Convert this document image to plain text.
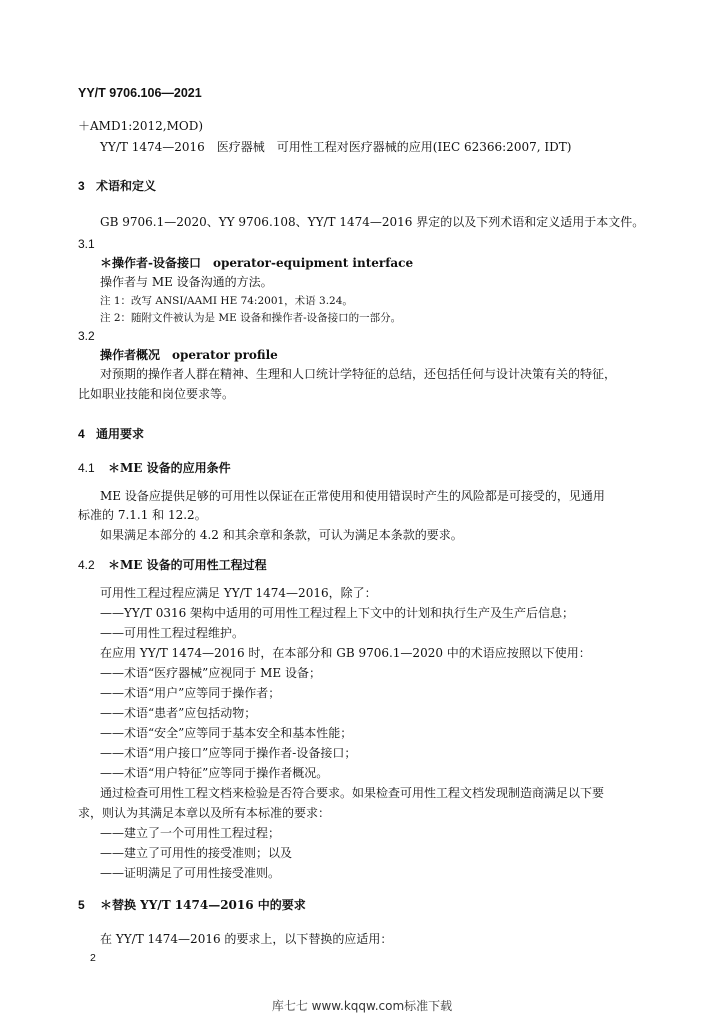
YY/T 9706.106—2021
＋AMD1:2012,MOD)
YY/T 1474—2016　医疗器械　可用性工程对医疗器械的应用(IEC 62366:2007, IDT)
3 术语和定义
GB 9706.1—2020、YY 9706.108、YY/T 1474—2016 界定的以及下列术语和定义适用于本文件。
3.1
＊操作者-设备接口　operator-equipment interface
操作者与 ME 设备沟通的方法。
注 1：改写 ANSI/AAMI HE 74:2001，术语 3.24。
注 2：随附文件被认为是 ME 设备和操作者-设备接口的一部分。
3.2
操作者概况　operator profile
对预期的操作者人群在精神、生理和人口统计学特征的总结，还包括任何与设计决策有关的特征，
比如职业技能和岗位要求等。
4 通用要求
4.1 ＊ME 设备的应用条件
ME 设备应提供足够的可用性以保证在正常使用和使用错误时产生的风险都是可接受的，见通用
标准的 7.1.1 和 12.2。
如果满足本部分的 4.2 和其余章和条款，可认为满足本条款的要求。
4.2 ＊ME 设备的可用性工程过程
可用性工程过程应满足 YY/T 1474—2016，除了：
——YY/T 0316 架构中适用的可用性工程过程上下文中的计划和执行生产及生产后信息；
——可用性工程过程维护。
在应用 YY/T 1474—2016 时，在本部分和 GB 9706.1—2020 中的术语应按照以下使用：
——术语“医疗器械”应视同于 ME 设备；
——术语“用户”应等同于操作者；
——术语“患者”应包括动物；
——术语“安全”应等同于基本安全和基本性能；
——术语“用户接口”应等同于操作者-设备接口；
——术语“用户特征”应等同于操作者概况。
通过检查可用性工程文档来检验是否符合要求。如果检查可用性工程文档发现制造商满足以下要
求，则认为其满足本章以及所有本标准的要求：
——建立了一个可用性工程过程；
——建立了可用性的接受准则；以及
——证明满足了可用性接受准则。
5 ＊替换 YY/T 1474—2016 中的要求
在 YY/T 1474—2016 的要求上，以下替换的应适用：
2
库七七 www.kqqw.com标准下载
